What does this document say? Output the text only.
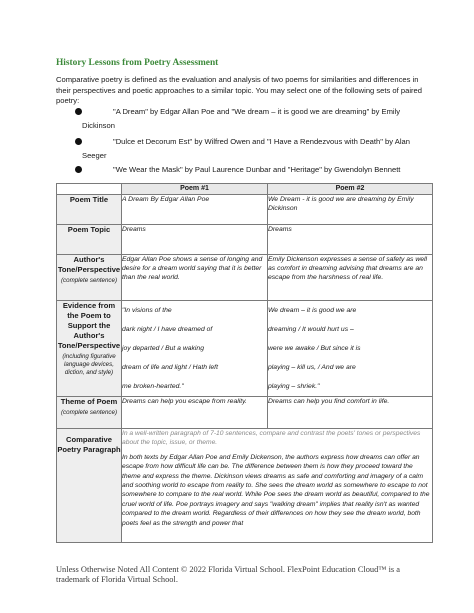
History Lessons from Poetry Assessment
Comparative poetry is defined as the evaluation and analysis of two poems for similarities and differences in their perspectives and poetic approaches to a similar topic. You may select one of the following sets of paired poetry:
"A Dream" by Edgar Allan Poe and "We dream – it is good we are dreaming" by Emily
Dickinson
"Dulce et Decorum Est" by Wilfred Owen and "I Have a Rendezvous with Death" by Alan
Seeger
"We Wear the Mask" by Paul Laurence Dunbar and "Heritage" by Gwendolyn Bennett
	Poem #1	Poem #2
Poem Title	A Dream By Edgar Allan Poe	We Dream - it is good we are dreaming by Emily Dickinson
Poem Topic	Dreams	Dreams
Author's Tone/Perspective
(complete sentence)	Edgar Allan Poe shows a sense of longing and desire for a dream world saying that it is better than the real world.	Emily Dickenson expresses a sense of safety as well as comfort in dreaming advising that dreams are an escape from the harshness of real life.
Evidence from the Poem to Support the Author's Tone/Perspective
(including figurative language devices, diction, and style)	"In visions of the
dark night / I have dreamed of
joy departed / But a waking
dream of life and light / Hath left
me broken-hearted."	We dream – it is good we are
dreaming / It would hurt us –
were we awake / But since it is
playing – kill us, / And we are
playing – shriek."

Theme of Poem
(complete sentence)	Dreams can help you escape from reality.	Dreams can help you find comfort in life.
Comparative Poetry Paragraph	In a well-written paragraph of 7-10 sentences, compare and contrast the poets' tones or perspectives about the topic, issue, or theme.
In both texts by Edgar Allan Poe and Emily Dickenson, the authors express how dreams can offer an escape from how difficult life can be. The difference between them is how they proceed toward the theme and express the theme. Dickinson views dreams as safe and comforting and imagery of a calm and soothing world to escape from reality to. She sees the dream world as somewhere to escape to not somewhere to compare to the real world. While Poe sees the dream world as beautiful, compared to the cruel world of life. Poe portrays imagery and says "walking dream" implies that reality isn't as wanted compared to the dream world. Regardless of their differences on how they see the dream world, both poets feel as the strength and power that	
Unless Otherwise Noted All Content © 2022 Florida Virtual School. FlexPoint Education Cloud™ is a trademark of Florida Virtual School.
